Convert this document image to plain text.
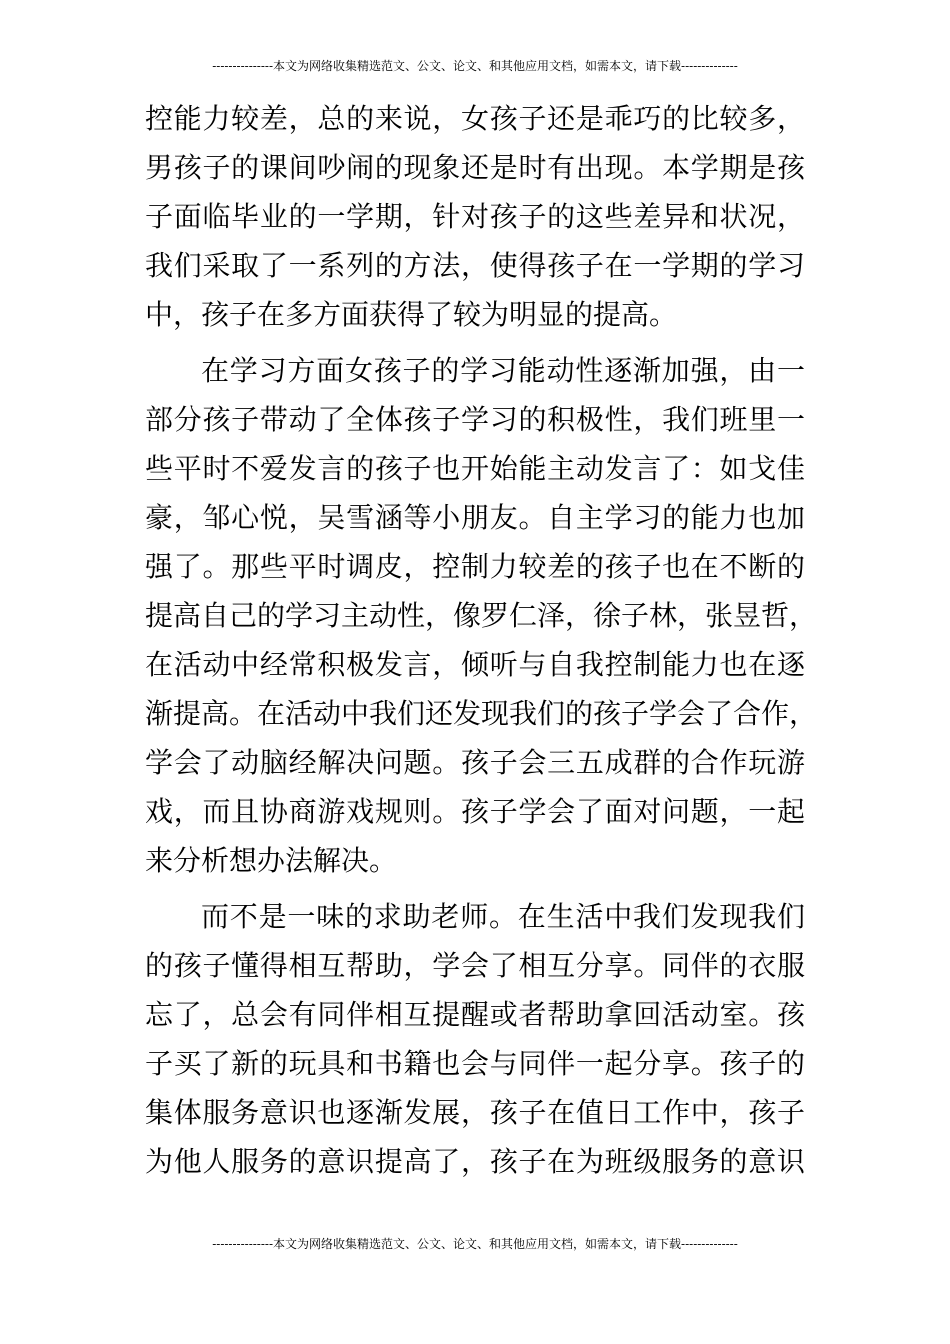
---------------本文为网络收集精选范文、公文、论文、和其他应用文档，如需本文，请下载--------------
控能力较差，总的来说，女孩子还是乖巧的比较多，
男孩子的课间吵闹的现象还是时有出现。本学期是孩
子面临毕业的一学期，针对孩子的这些差异和状况，
我们采取了一系列的方法，使得孩子在一学期的学习
中，孩子在多方面获得了较为明显的提高。
在学习方面女孩子的学习能动性逐渐加强，由一
部分孩子带动了全体孩子学习的积极性，我们班里一
些平时不爱发言的孩子也开始能主动发言了：如戈佳
豪，邹心悦，吴雪涵等小朋友。自主学习的能力也加
强了。那些平时调皮，控制力较差的孩子也在不断的
提高自己的学习主动性，像罗仁泽，徐子林，张昱哲，
在活动中经常积极发言，倾听与自我控制能力也在逐
渐提高。在活动中我们还发现我们的孩子学会了合作，
学会了动脑经解决问题。孩子会三五成群的合作玩游
戏，而且协商游戏规则。孩子学会了面对问题，一起
来分析想办法解决。
而不是一味的求助老师。在生活中我们发现我们
的孩子懂得相互帮助，学会了相互分享。同伴的衣服
忘了，总会有同伴相互提醒或者帮助拿回活动室。孩
子买了新的玩具和书籍也会与同伴一起分享。孩子的
集体服务意识也逐渐发展，孩子在值日工作中，孩子
为他人服务的意识提高了，孩子在为班级服务的意识
---------------本文为网络收集精选范文、公文、论文、和其他应用文档，如需本文，请下载--------------
